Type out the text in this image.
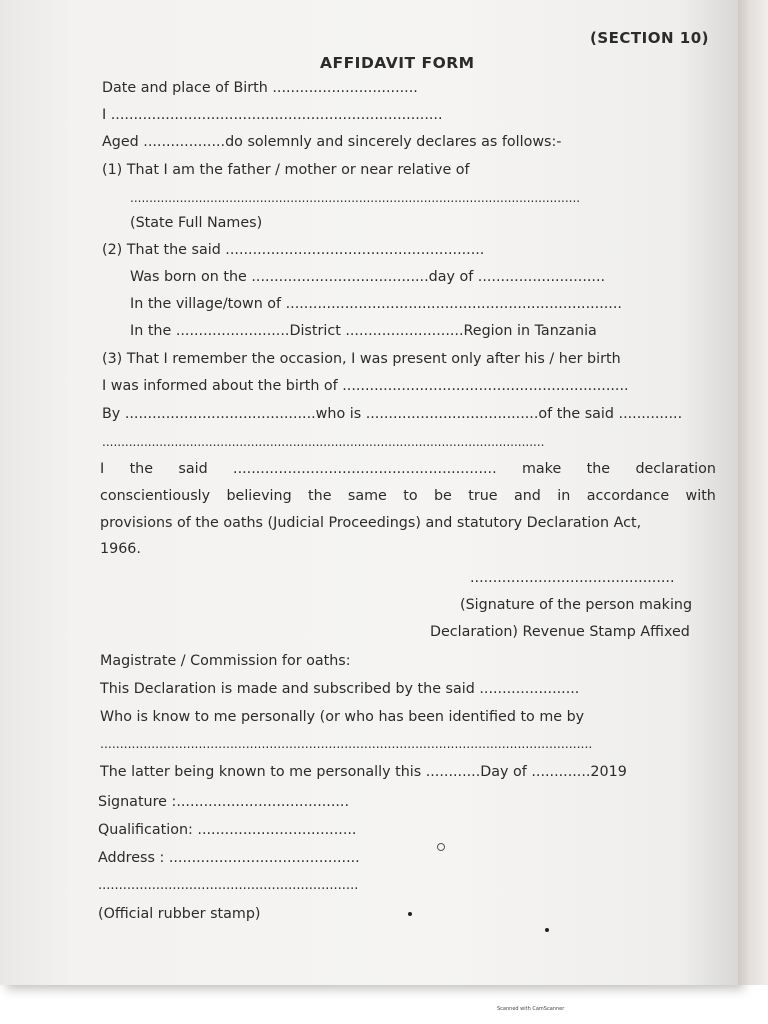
(SECTION 10)
AFFIDAVIT FORM
Date and place of Birth ................................
I .........................................................................
Aged ..................do solemnly and sincerely declares as follows:-
(1) That I am the father / mother or near relative of
......................................................................................................................
(State Full Names)
(2) That the said .........................................................
Was born on the .......................................day of ............................
In the village/town of ..........................................................................
In the .........................District ..........................Region in Tanzania
(3) That I remember the occasion, I was present only after his / her birth
I was informed about the birth of ...............................................................
By ..........................................who is ......................................of the said ..............
....................................................................................................................
I the said .......................................................... make the declaration
conscientiously believing the same to be true and in accordance with
provisions of the oaths (Judicial Proceedings) and statutory Declaration Act,
1966.
.............................................
(Signature of the person making
Declaration) Revenue Stamp Affixed
Magistrate / Commission for oaths:
This Declaration is made and subscribed by the said ......................
Who is know to me personally (or who has been identified to me by
.............................................................................................................................
The latter being known to me personally this ............Day of .............2019
Signature :......................................
Qualification: ...................................
Address : ..........................................
...............................................................
(Official rubber stamp)
Scanned with CamScanner
